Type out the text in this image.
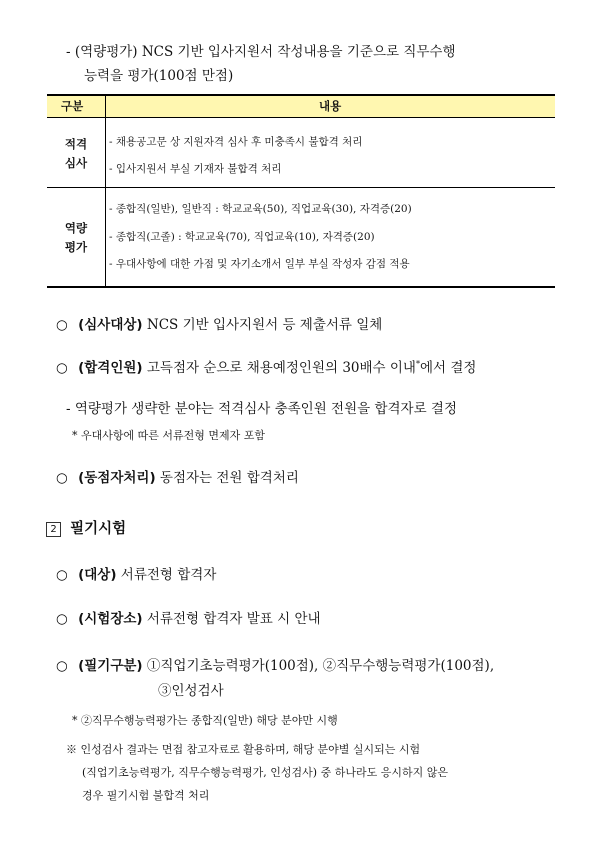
- (역량평가) NCS 기반 입사지원서 작성내용을 기준으로 직무수행
능력을 평가(100점 만점)
구분	내용
적격
심사
- 채용공고문 상 지원자격 심사 후 미충족시 불합격 처리
- 입사지원서 부실 기재자 불합격 처리
역량
평가
- 종합직(일반), 일반직 : 학교교육(50), 직업교육(30), 자격증(20)
- 종합직(고졸) : 학교교육(70), 직업교육(10), 자격증(20)
- 우대사항에 대한 가점 및 자기소개서 일부 부실 작성자 감점 적용
○ (심사대상) NCS 기반 입사지원서 등 제출서류 일체
○ (합격인원) 고득점자 순으로 채용예정인원의 30배수 이내*에서 결정
- 역량평가 생략한 분야는 적격심사 충족인원 전원을 합격자로 결정
* 우대사항에 따른 서류전형 면제자 포함
○ (동점자처리) 동점자는 전원 합격처리
2 필기시험
○ (대상) 서류전형 합격자
○ (시험장소) 서류전형 합격자 발표 시 안내
○ (필기구분) ①직업기초능력평가(100점), ②직무수행능력평가(100점),
③인성검사
* ②직무수행능력평가는 종합직(일반) 해당 분야만 시행
※ 인성검사 결과는 면접 참고자료로 활용하며, 해당 분야별 실시되는 시험
(직업기초능력평가, 직무수행능력평가, 인성검사) 중 하나라도 응시하지 않은
경우 필기시험 불합격 처리
